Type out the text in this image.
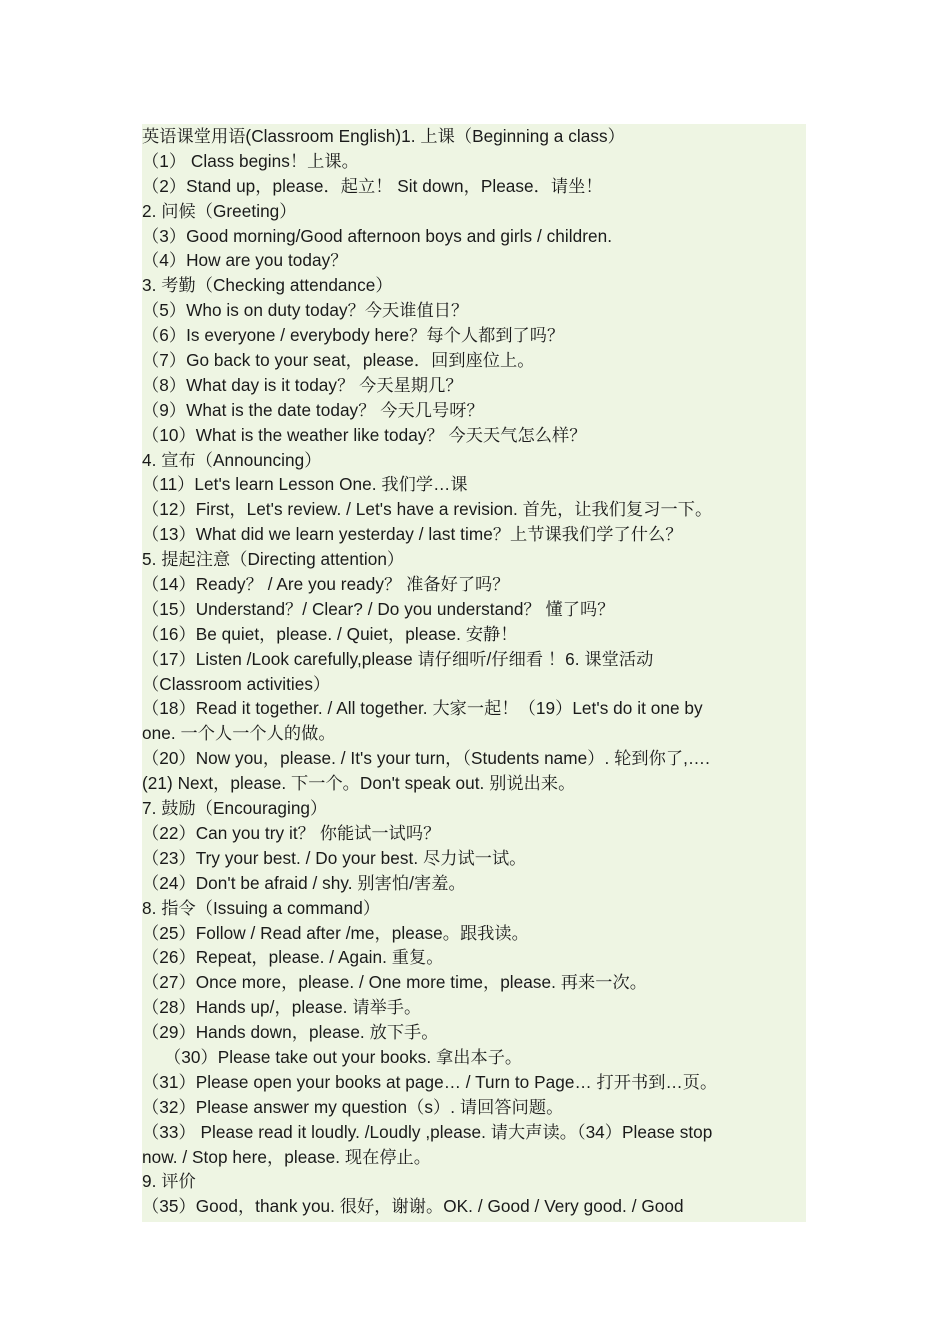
英语课堂用语(Classroom English)1. 上课（Beginning a class）
（1） Class begins！上课。
（2）Stand up，please．起立！ Sit down，Please．请坐！
2. 问候（Greeting）
（3）Good morning/Good afternoon boys and girls / children.
（4）How are you today？
3. 考勤（Checking attendance）
（5）Who is on duty today？今天谁值日？
（6）Is everyone / everybody here？每个人都到了吗？
（7）Go back to your seat，please．回到座位上。
（8）What day is it today？ 今天星期几？
（9）What is the date today？ 今天几号呀？
（10）What is the weather like today？ 今天天气怎么样？
4. 宣布（Announcing）
（11）Let's learn Lesson One. 我们学…课
（12）First，Let's review. / Let's have a revision. 首先，让我们复习一下。
（13）What did we learn yesterday / last time？上节课我们学了什么？
5. 提起注意（Directing attention）
（14）Ready？ / Are you ready？ 准备好了吗？
（15）Understand？/ Clear? / Do you understand？ 懂了吗？
（16）Be quiet，please. / Quiet，please. 安静！
（17）Listen /Look carefully,please 请仔细听/仔细看 ！6. 课堂活动
（Classroom activities）
（18）Read it together. / All together. 大家一起！（19）Let's do it one by
one. 一个人一个人的做。
（20）Now you，please. / It's your turn，（Students name）. 轮到你了,….
(21) Next，please. 下一个。Don't speak out. 别说出来。
7. 鼓励（Encouraging）
（22）Can you try it？ 你能试一试吗？
（23）Try your best. / Do your best. 尽力试一试。
（24）Don't be afraid / shy. 别害怕/害羞。
8. 指令（Issuing a command）
（25）Follow / Read after /me，please。跟我读。
（26）Repeat，please. / Again. 重复。
（27）Once more，please. / One more time，please. 再来一次。
（28）Hands up/，please. 请举手。
（29）Hands down，please. 放下手。
（30）Please take out your books. 拿出本子。
（31）Please open your books at page… / Turn to Page… 打开书到…页。
（32）Please answer my question（s）. 请回答问题。
（33） Please read it loudly. /Loudly ,please. 请大声读。（34）Please stop
now. / Stop here，please. 现在停止。
9. 评价
（35）Good，thank you. 很好，谢谢。OK. / Good / Very good. / Good
